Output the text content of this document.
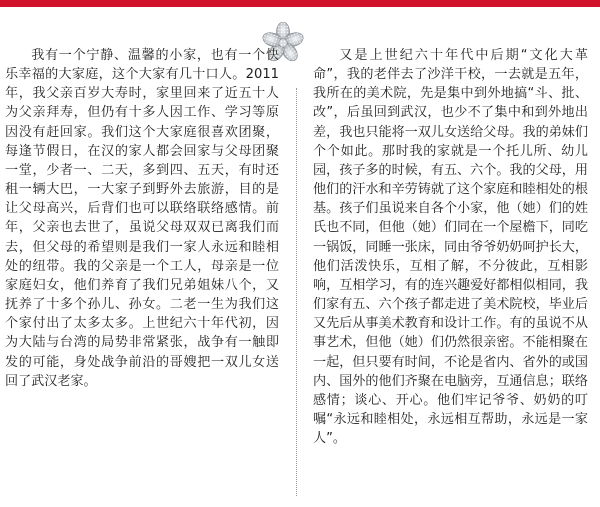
我有一个宁静、温馨的小家，也有一个快乐幸福的大家庭，这个大家有几十口人。2011年，我父亲百岁大寿时，家里回来了近五十人为父亲拜寿，但仍有十多人因工作、学习等原因没有赶回家。我们这个大家庭很喜欢团聚，每逢节假日，在汉的家人都会回家与父母团聚一堂，少者一、二天，多到四、五天，有时还租一辆大巴，一大家子到野外去旅游，目的是让父母高兴，后背们也可以联络联络感情。前年，父亲也去世了，虽说父母双双已离我们而去，但父母的希望则是我们一家人永远和睦相处的纽带。我的父亲是一个工人，母亲是一位家庭妇女，他们养育了我们兄弟姐妹八个，又抚养了十多个孙儿、孙女。二老一生为我们这个家付出了太多太多。上世纪六十年代初，因为大陆与台湾的局势非常紧张，战争有一触即发的可能，身处战争前沿的哥嫂把一双儿女送回了武汉老家。

又是上世纪六十年代中后期“文化大革命”，我的老伴去了沙洋干校，一去就是五年，我所在的美术院，先是集中到外地搞“斗、批、改”，后虽回到武汉，也少不了集中和到外地出差，我也只能将一双儿女送给父母。我的弟妹们个个如此。那时我的家就是一个托儿所、幼儿园，孩子多的时候，有五、六个。我的父母，用他们的汗水和辛劳铸就了这个家庭和睦相处的根基。孩子们虽说来自各个小家，他（她）们的姓氏也不同，但他（她）们同在一个屋檐下，同吃一锅饭，同睡一张床，同由爷爷奶奶呵护长大，他们活泼快乐，互相了解，不分彼此，互相影响，互相学习，有的连兴趣爱好都相似相同，我们家有五、六个孩子都走进了美术院校，毕业后又先后从事美术教育和设计工作。有的虽说不从事艺术，但他（她）们仍然很亲密。不能相聚在一起，但只要有时间，不论是省内、省外的或国内、国外的他们齐聚在电脑旁，互通信息；联络感情；谈心、开心。他们牢记爷爷、奶奶的叮嘱“永远和睦相处，永远相互帮助，永远是一家人”。
